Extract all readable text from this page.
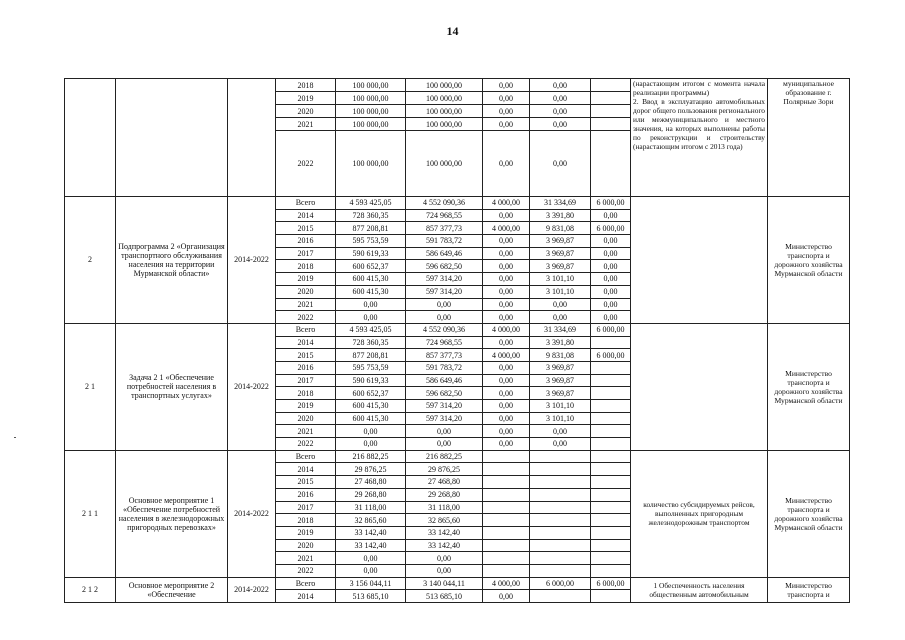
14
			2018	100 000,00	100 000,00	0,00	0,00		(нарастающим итогом с момента начала реализации программы)
2. Ввод в эксплуатацию автомобильных дорог общего пользования регионального или межмуниципального и местного значения, на которых выполнены работы по реконструкции и строительству (нарастающим итогом с 2013 года)	муниципальное образование г. Полярные Зори
			2019	100 000,00	100 000,00	0,00	0,00			
			2020	100 000,00	100 000,00	0,00	0,00			
			2021	100 000,00	100 000,00	0,00	0,00			
			2022	100 000,00	100 000,00	0,00	0,00			
2	Подпрограмма 2 «Организация транспортного обслуживания населения на территории Мурманской области»	2014-2022	Всего	4 593 425,05	4 552 090,36	4 000,00	31 334,69	6 000,00		Министерство транспорта и дорожного хозяйства Мурманской области
			2014	728 360,35	724 968,55	0,00	3 391,80	0,00		
			2015	877 208,81	857 377,73	4 000,00	9 831,08	6 000,00		
			2016	595 753,59	591 783,72	0,00	3 969,87	0,00		
			2017	590 619,33	586 649,46	0,00	3 969,87	0,00		
			2018	600 652,37	596 682,50	0,00	3 969,87	0,00		
			2019	600 415,30	597 314,20	0,00	3 101,10	0,00		
			2020	600 415,30	597 314,20	0,00	3 101,10	0,00		
			2021	0,00	0,00	0,00	0,00	0,00		
			2022	0,00	0,00	0,00	0,00	0,00		
2 1	Задача 2 1 «Обеспечение потребностей населения в транспортных услугах»	2014-2022	Всего	4 593 425,05	4 552 090,36	4 000,00	31 334,69	6 000,00		Министерство транспорта и дорожного хозяйства Мурманской области
			2014	728 360,35	724 968,55	0,00	3 391,80			
			2015	877 208,81	857 377,73	4 000,00	9 831,08	6 000,00		
			2016	595 753,59	591 783,72	0,00	3 969,87			
			2017	590 619,33	586 649,46	0,00	3 969,87			
			2018	600 652,37	596 682,50	0,00	3 969,87			
			2019	600 415,30	597 314,20	0,00	3 101,10			
			2020	600 415,30	597 314,20	0,00	3 101,10			
			2021	0,00	0,00	0,00	0,00			
			2022	0,00	0,00	0,00	0,00			
2 1 1	Основное мероприятие 1 «Обеспечение потребностей населения в железнодорожных пригородных перевозках»	2014-2022	Всего	216 882,25	216 882,25				количество субсидируемых рейсов, выполненных пригородным железнодорожным транспортом	Министерство транспорта и дорожного хозяйства Мурманской области
			2014	29 876,25	29 876,25					
			2015	27 468,80	27 468,80					
			2016	29 268,80	29 268,80					
			2017	31 118,00	31 118,00					
			2018	32 865,60	32 865,60					
			2019	33 142,40	33 142,40					
			2020	33 142,40	33 142,40					
			2021	0,00	0,00					
			2022	0,00	0,00					
2 1 2	Основное мероприятие 2 «Обеспечение	2014-2022	Всего	3 156 044,11	3 140 044,11	4 000,00	6 000,00	6 000,00	1 Обеспеченность населения общественным автомобильным	Министерство транспорта и
			2014	513 685,10	513 685,10	0,00				
